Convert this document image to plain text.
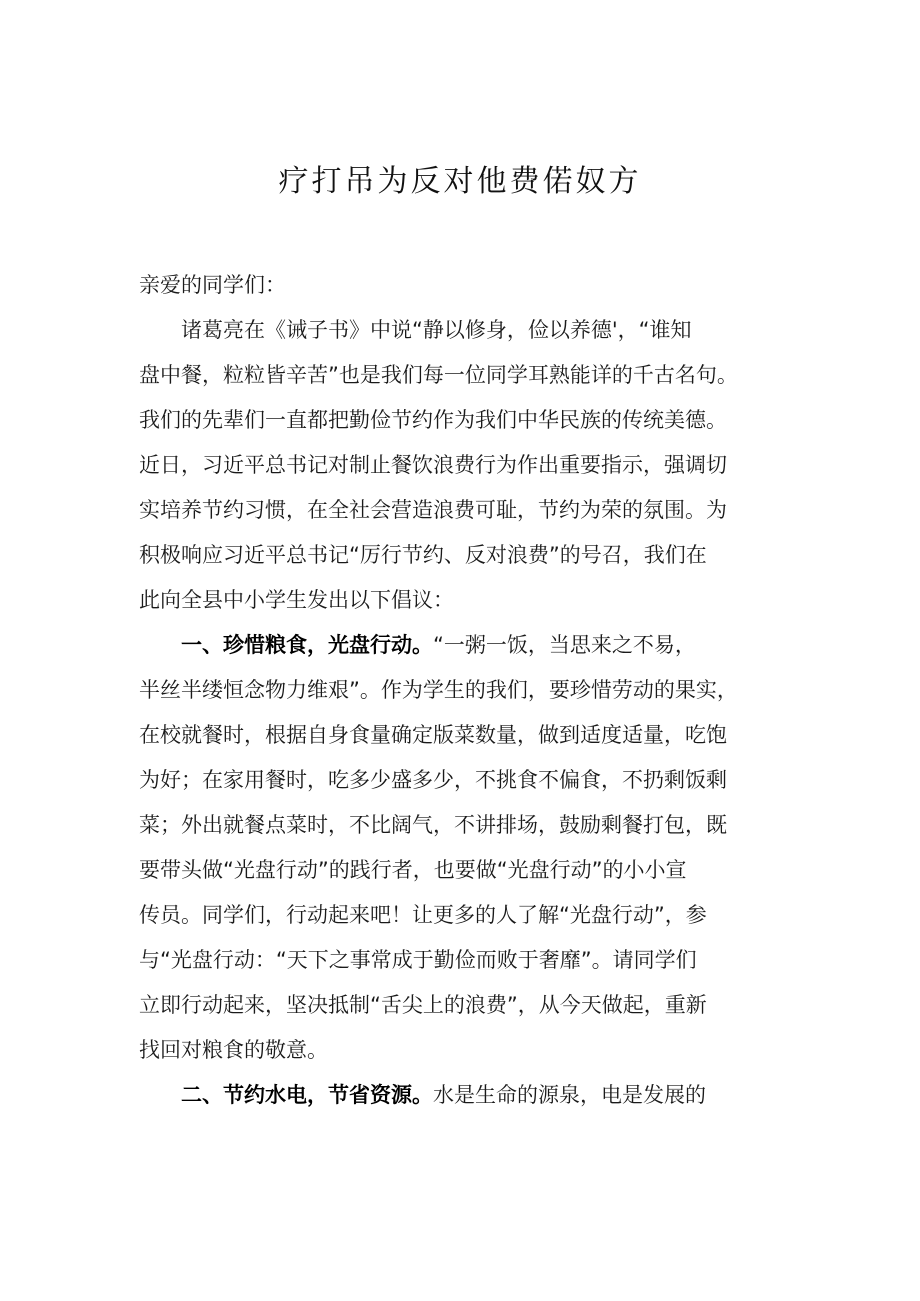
疗打吊为反对他费偌奴方
亲爱的同学们：
诸葛亮在《诫子书》中说“静以修身，俭以养德'，“谁知
盘中餐，粒粒皆辛苦”也是我们每一位同学耳熟能详的千古名句。
我们的先辈们一直都把勤俭节约作为我们中华民族的传统美德。
近日，习近平总书记对制止餐饮浪费行为作出重要指示，强调切
实培养节约习惯，在全社会营造浪费可耻，节约为荣的氛围。为
积极响应习近平总书记“厉行节约、反对浪费”的号召，我们在
此向全县中小学生发出以下倡议：
一、珍惜粮食，光盘行动。“一粥一饭，当思来之不易，
半丝半缕恒念物力维艰”。作为学生的我们，要珍惜劳动的果实，
在校就餐时，根据自身食量确定版菜数量，做到适度适量，吃饱
为好；在家用餐时，吃多少盛多少，不挑食不偏食，不扔剩饭剩
菜；外出就餐点菜时，不比阔气，不讲排场，鼓励剩餐打包，既
要带头做“光盘行动”的践行者，也要做“光盘行动”的小小宣
传员。同学们，行动起来吧！让更多的人了解“光盘行动”，参
与“光盘行动：“天下之事常成于勤俭而败于奢靡”。请同学们
立即行动起来，坚决抵制“舌尖上的浪费”，从今天做起，重新
找回对粮食的敬意。
二、节约水电，节省资源。水是生命的源泉，电是发展的
